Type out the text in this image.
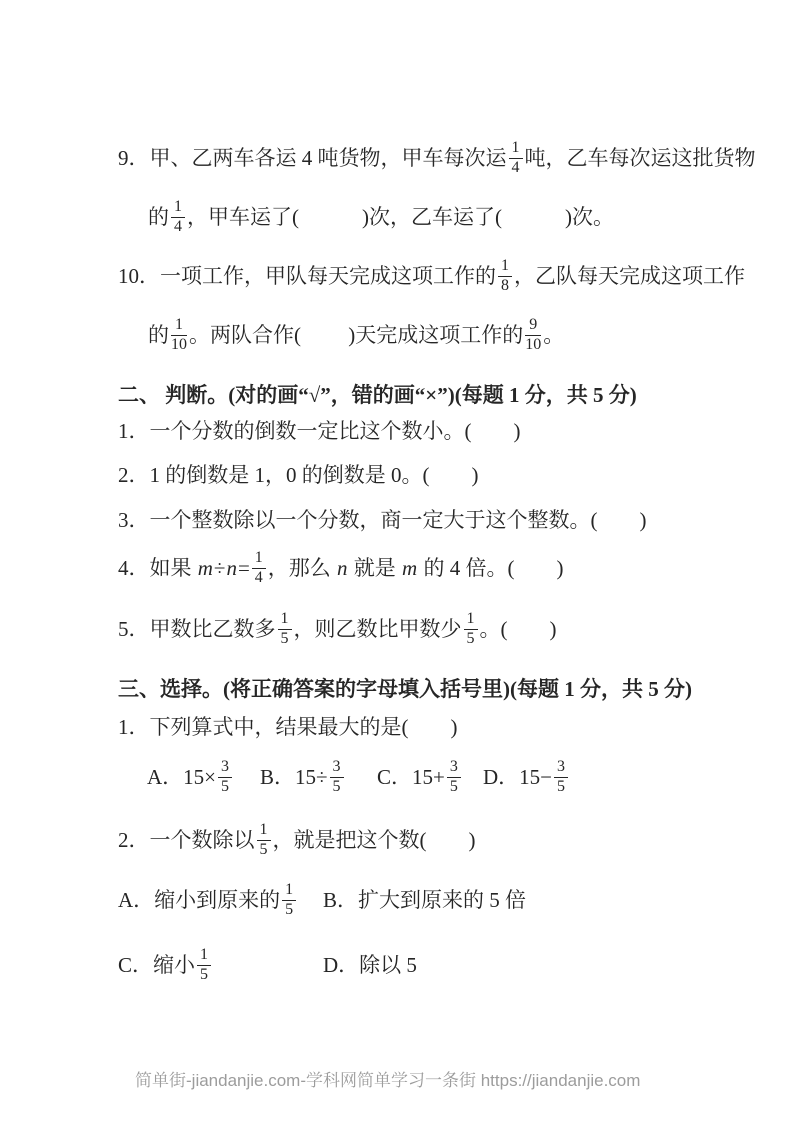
9．甲、乙两车各运 4 吨货物，甲车每次运 $\frac{1}{4}$ 吨，乙车每次运这批货物
的 $\frac{1}{4}$ ，甲车运了(            )次，乙车运了(            )次。
10．一项工作，甲队每天完成这项工作的 $\frac{1}{8}$ ，乙队每天完成这项工作
的 $\frac{1}{10}$ 。两队合作(         )天完成这项工作的 $\frac{9}{10}$ 。
二、 判断。(对的画“√”，错的画“×”)(每题 1 分，共 5 分)
1．一个分数的倒数一定比这个数小。(        )
2．1 的倒数是 1，0 的倒数是 0。(        )
3．一个整数除以一个分数，商一定大于这个整数。(        )
4．如果 $m\div n= \frac{1}{4}$ ，那么 n 就是 m 的 4 倍。(        )
5．甲数比乙数多 $\frac{1}{5}$ ，则乙数比甲数少 $\frac{1}{5}$ 。(        )
三、选择。(将正确答案的字母填入括号里)(每题 1 分，共 5 分)
1．下列算式中，结果最大的是(        )
A．$15\times \frac{3}{5}$ B．$15\div \frac{3}{5}$ C．$15+ \frac{3}{5}$ D．$15- \frac{3}{5}$
2．一个数除以 $\frac{1}{5}$ ，就是把这个数(        )
A．缩小到原来的 $\frac{1}{5}$ B．扩大到原来的 5 倍
C．缩小 $\frac{1}{5}$	D．除以 5
简单街-jiandanjie.com-学科网简单学习一条街 https://jiandanjie.com
